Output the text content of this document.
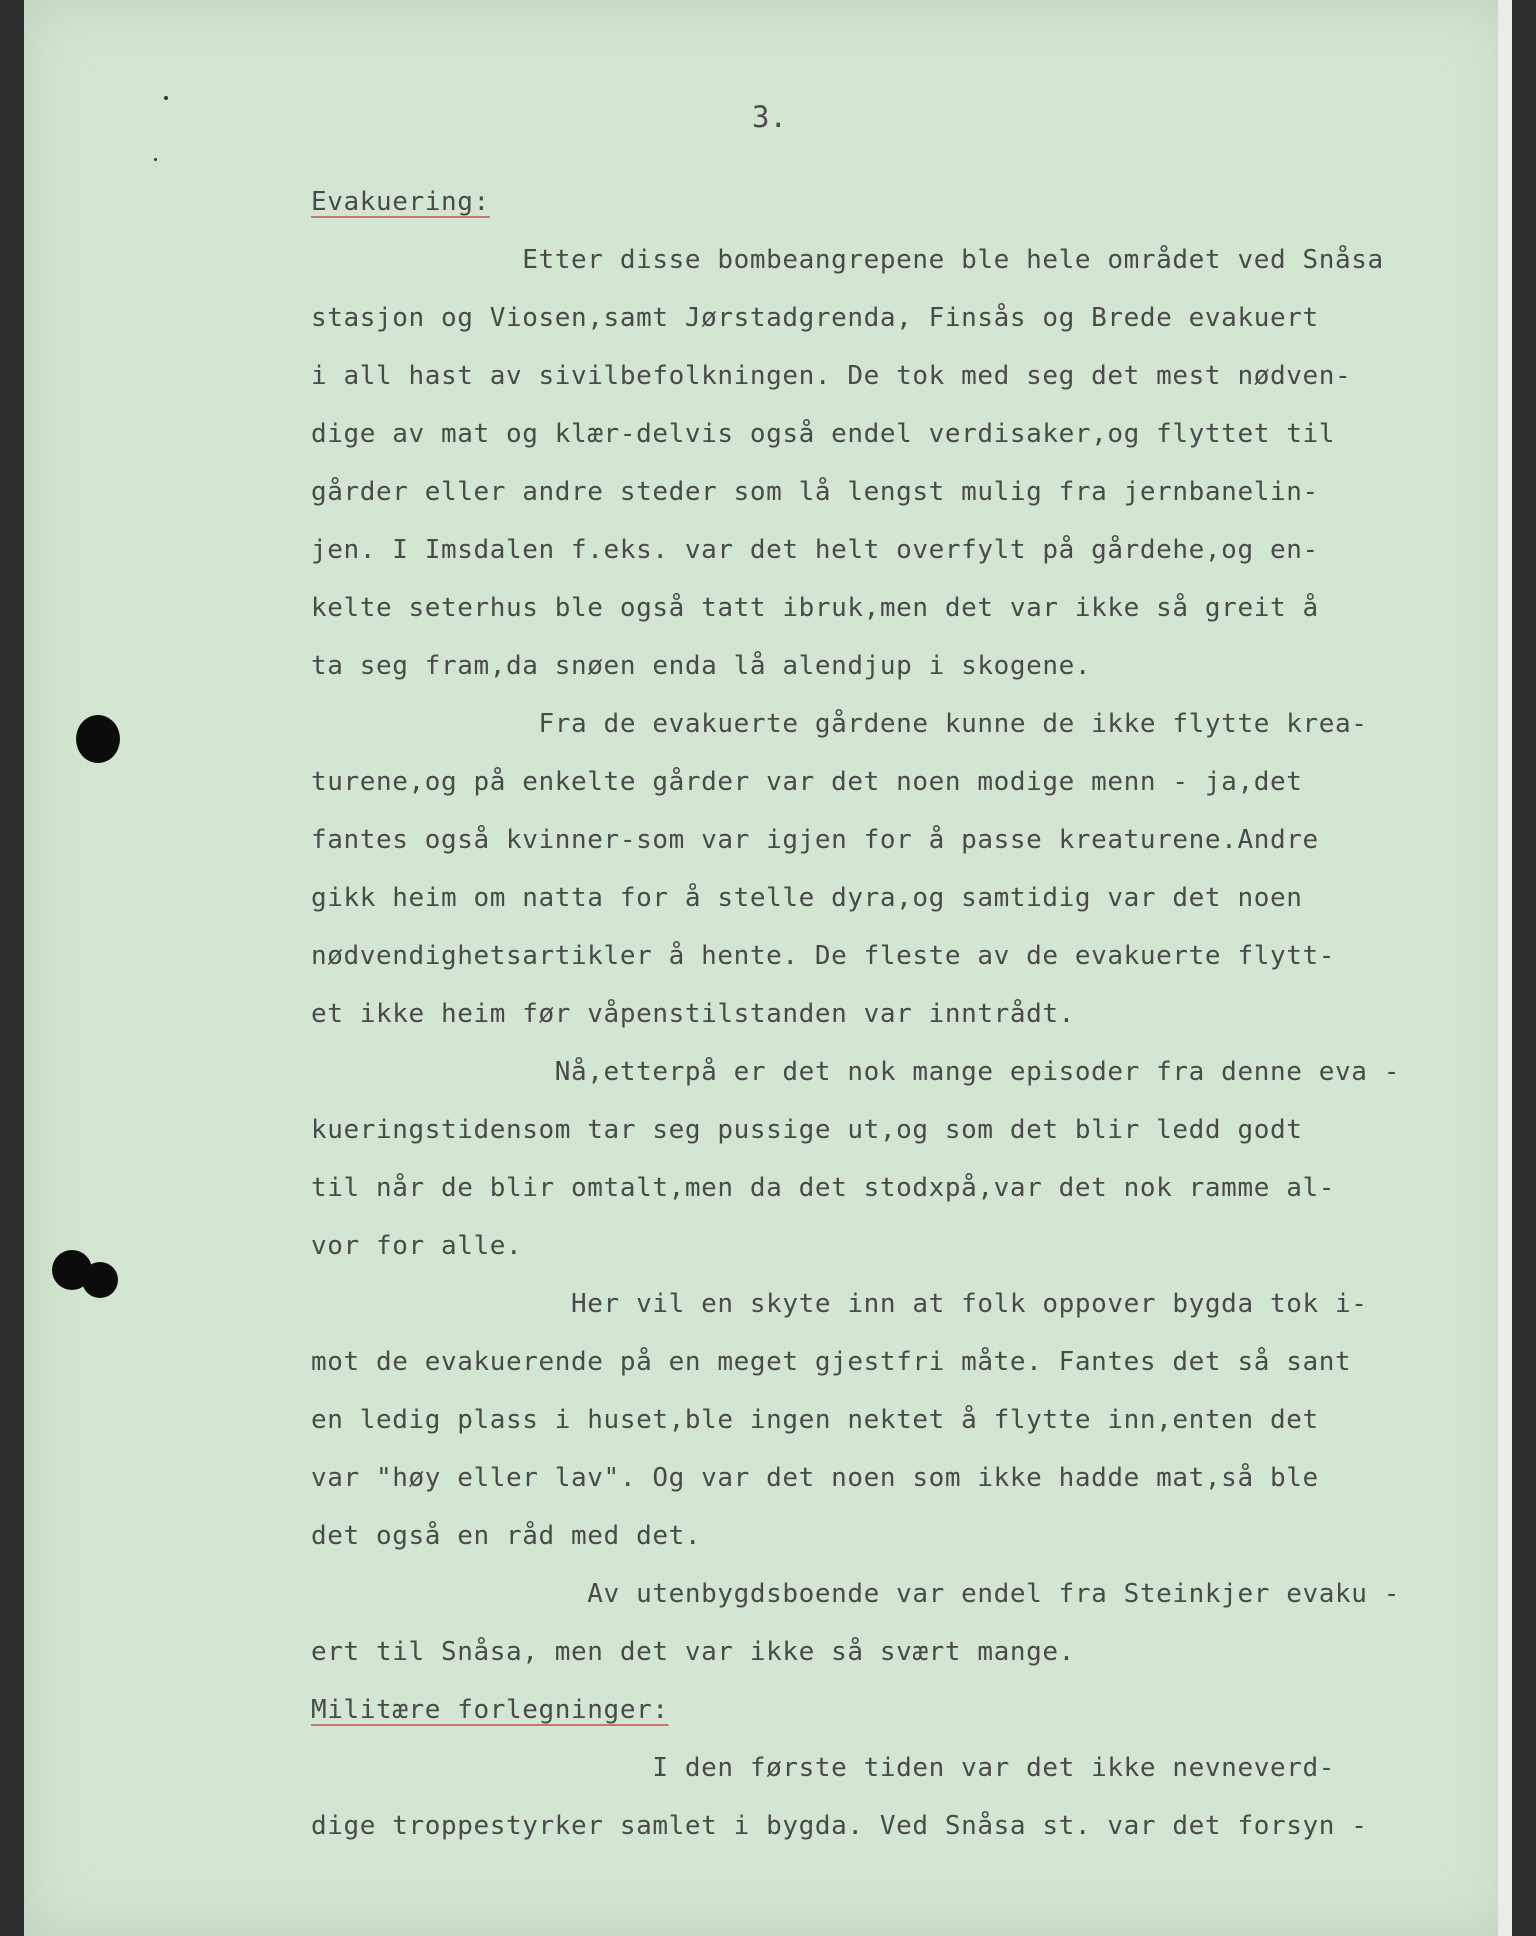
3.
Evakuering:
Etter disse bombeangrepene ble hele området ved Snåsa
stasjon og Viosen,samt Jørstadgrenda, Finsås og Brede evakuert
i all hast av sivilbefolkningen. De tok med seg det mest nødven-
dige av mat og klær-delvis også endel verdisaker,og flyttet til
gårder eller andre steder som lå lengst mulig fra jernbanelin-
jen. I Imsdalen f.eks. var det helt overfylt på gårdehe,og en-
kelte seterhus ble også tatt ibruk,men det var ikke så greit å
ta seg fram,da snøen enda lå alendjup i skogene.
Fra de evakuerte gårdene kunne de ikke flytte krea-
turene,og på enkelte gårder var det noen modige menn - ja,det
fantes også kvinner-som var igjen for å passe kreaturene.Andre
gikk heim om natta for å stelle dyra,og samtidig var det noen
nødvendighetsartikler å hente. De fleste av de evakuerte flytt-
et ikke heim før våpenstilstanden var inntrådt.
Nå,etterpå er det nok mange episoder fra denne eva -
kueringstidensom tar seg pussige ut,og som det blir ledd godt
til når de blir omtalt,men da det stodxpå,var det nok ramme al-
vor for alle.
Her vil en skyte inn at folk oppover bygda tok i-
mot de evakuerende på en meget gjestfri måte. Fantes det så sant
en ledig plass i huset,ble ingen nektet å flytte inn,enten det
var "høy eller lav". Og var det noen som ikke hadde mat,så ble
det også en råd med det.
Av utenbygdsboende var endel fra Steinkjer evaku -
ert til Snåsa, men det var ikke så svært mange.
Militære forlegninger:
I den første tiden var det ikke nevneverd-
dige troppestyrker samlet i bygda. Ved Snåsa st. var det forsyn -
